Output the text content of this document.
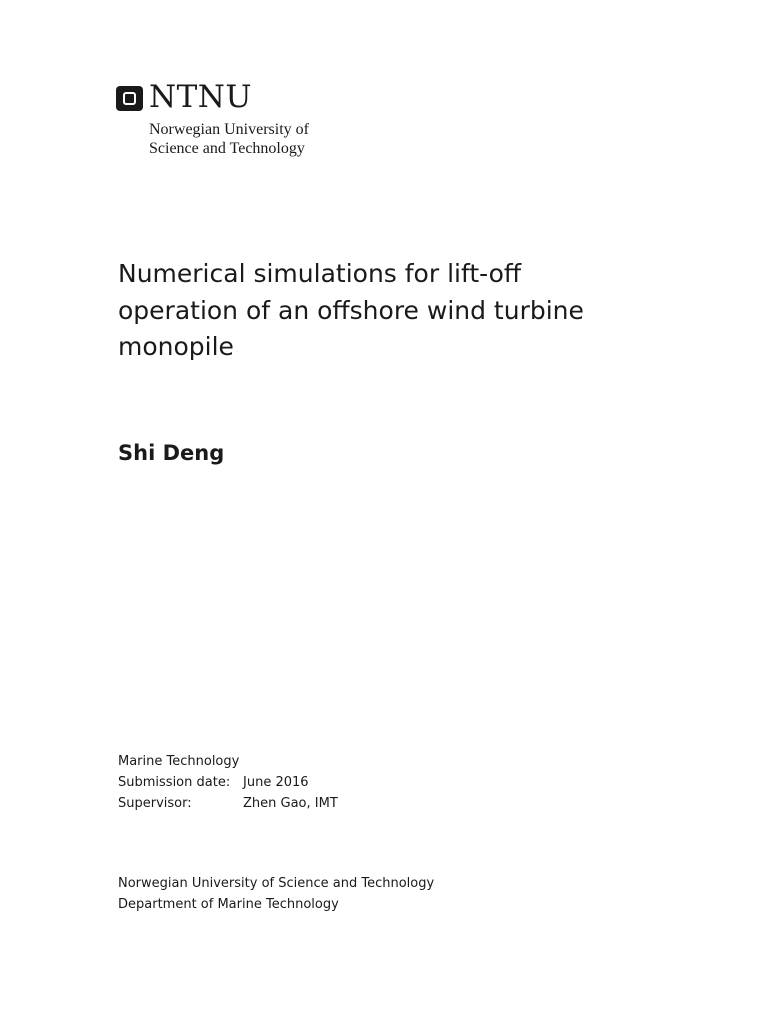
NTNU
Norwegian University of
Science and Technology
Numerical simulations for lift-off
operation of an offshore wind turbine
monopile
Shi Deng
Marine Technology
Submission date: June 2016
Supervisor:	Zhen Gao, IMT
Norwegian University of Science and Technology
Department of Marine Technology
